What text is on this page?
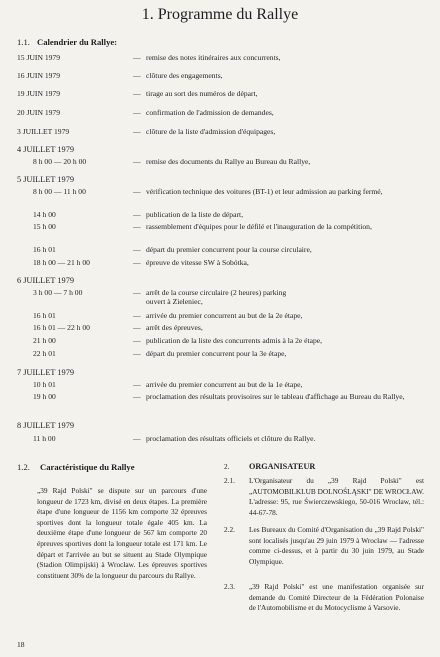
1. Programme du Rallye
1.1. Calendrier du Rallye:
15 JUIN 1979	— remise des notes itinéraires aux concurrents,
16 JUIN 1979	— clôture des engagements,
19 JUIN 1979	— tirage au sort des numéros de départ,
20 JUIN 1979	— confirmation de l'admission de demandes,
3 JUILLET 1979	— clôture de la liste d'admission d'équipages,
4 JUILLET 1979
8 h 00 — 20 h 00	— remise des documents du Rallye au Bureau du Rallye,
5 JUILLET 1979
8 h 00 — 11 h 00	— vérification technique des voitures (BT-1) et leur admission au parking fermé,
14 h 00	— publication de la liste de départ,
15 h 00	— rassemblement d'équipes pour le défilé et l'inauguration de la compétition,
16 h 01	— départ du premier concurrent pour la course circulaire,
18 h 00 — 21 h 00	— épreuve de vitesse SW à Sobótka,
6 JUILLET 1979
3 h 00 — 7 h 00	— arrêt de la course circulaire (2 heures) parking ouvert à Zieleniec,
16 h 01	— arrivée du premier concurrent au but de la 2e étape,
16 h 01 — 22 h 00	— arrêt des épreuves,
21 h 00	— publication de la liste des concurrents admis à la 2e étape,
22 h 01	— départ du premier concurrent pour la 3e étape,
7 JUILLET 1979
10 h 01	— arrivée du premier concurrent au but de la 1e étape,
19 h 00	— proclamation des résultats provisoires sur le tableau d'affichage au Bureau du Rallye,
8 JUILLET 1979
11 h 00	— proclamation des résultats officiels et clôture du Rallye.
1.2. Caractéristique du Rallye
„39 Rajd Polski" se dispute sur un parcours d'une longueur de 1723 km, divisé en deux étapes. La première étape d'une longueur de 1156 km comporte 32 épreuves sportives dont la longueur totale égale 405 km. La deuxième étape d'une longueur de 567 km comporte 20 épreuves sportives dont la longueur totale est 171 km. Le départ et l'arrivée au but se situent au Stade Olympique (Stadion Olimpijski) à Wrocław. Les épreuves sportives constituent 30% de la longueur du parcours du Rallye.
2. ORGANISATEUR
2.1. L'Organisateur du „39 Rajd Polski" est „AUTOMOBILKLUB DOLNOŚLĄSKI" DE WROCŁAW. L'adresse: 95, rue Świerczewskiego, 50-016 Wrocław, tél.: 44-67-78.
2.2. Les Bureaux du Comité d'Organisation du „39 Rajd Polski" sont localisés jusqu'au 29 juin 1979 à Wrocław — l'adresse comme ci-dessus, et à partir du 30 juin 1979, au Stade Olympique.
2.3. „39 Rajd Polski" est une manifestation organisée sur demande du Comité Directeur de la Fédération Polonaise de l'Automobilisme et du Motocyclisme à Varsovie.
18
